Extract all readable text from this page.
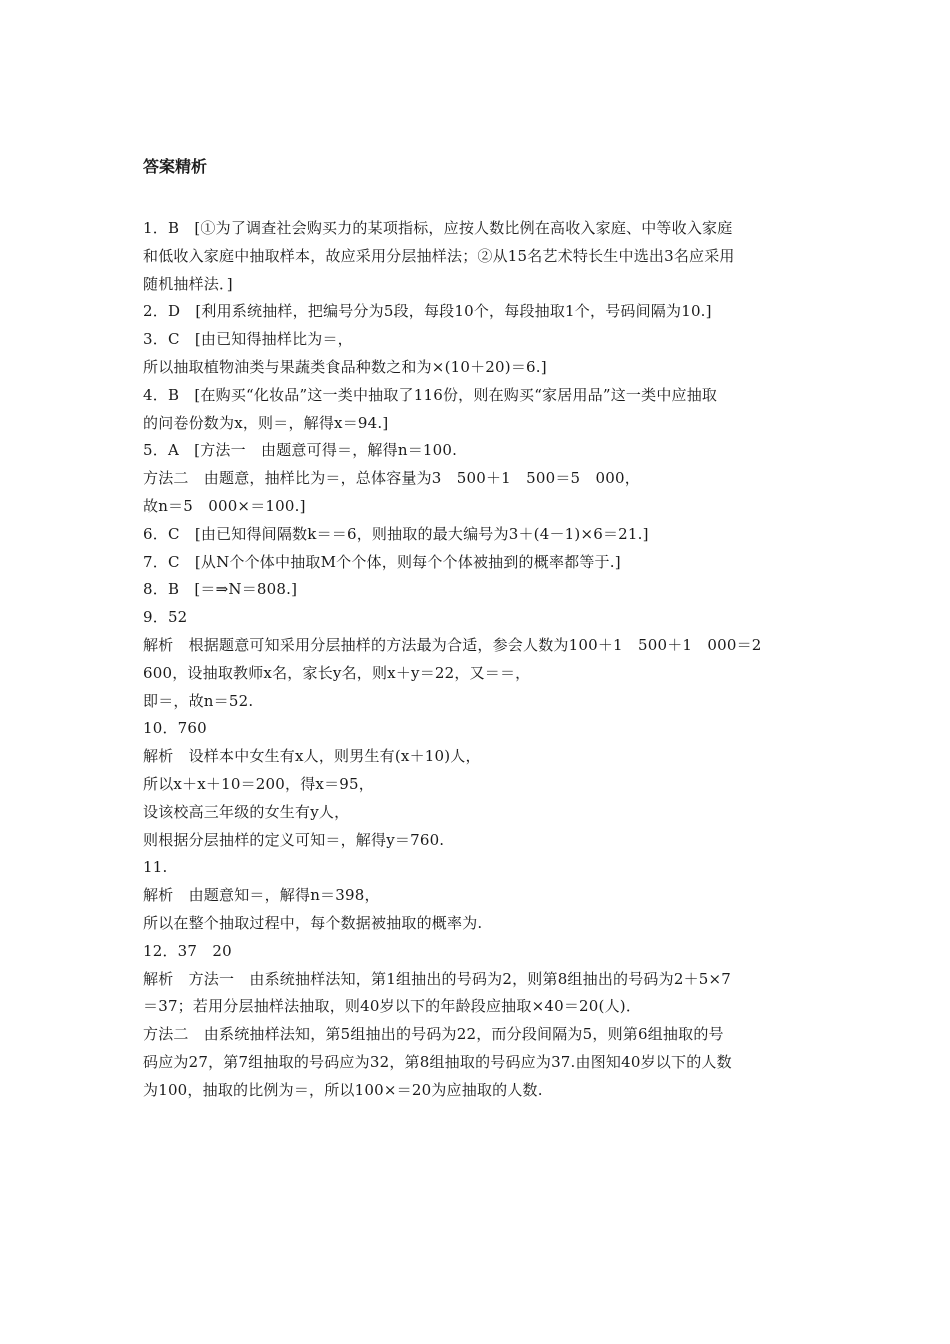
答案精析
1．B　[①为了调查社会购买力的某项指标，应按人数比例在高收入家庭、中等收入家庭
和低收入家庭中抽取样本，故应采用分层抽样法；②从15名艺术特长生中选出3名应采用
随机抽样法．]
2．D　[利用系统抽样，把编号分为5段，每段10个，每段抽取1个，号码间隔为10.]
3．C　[由已知得抽样比为＝，
所以抽取植物油类与果蔬类食品种数之和为×(10＋20)＝6.]
4．B　[在购买“化妆品”这一类中抽取了116份，则在购买“家居用品”这一类中应抽取
的问卷份数为x，则＝，解得x＝94.]
5．A　[方法一　由题意可得＝，解得n＝100.
方法二　由题意，抽样比为＝，总体容量为3　500＋1　500＝5　000，
故n＝5　000×＝100.]
6．C　[由已知得间隔数k＝＝6，则抽取的最大编号为3＋(4－1)×6＝21.]
7．C　[从N个个体中抽取M个个体，则每个个体被抽到的概率都等于.]
8．B　[＝⇒N＝808.]
9．52
解析　根据题意可知采用分层抽样的方法最为合适，参会人数为100＋1　500＋1　000＝2
600，设抽取教师x名，家长y名，则x＋y＝22，又＝＝，
即＝，故n＝52.
10．760
解析　设样本中女生有x人，则男生有(x＋10)人，
所以x＋x＋10＝200，得x＝95，
设该校高三年级的女生有y人，
则根据分层抽样的定义可知＝，解得y＝760.
11.
解析　由题意知＝，解得n＝398，
所以在整个抽取过程中，每个数据被抽取的概率为.
12．37　20
解析　方法一　由系统抽样法知，第1组抽出的号码为2，则第8组抽出的号码为2＋5×7
＝37；若用分层抽样法抽取，则40岁以下的年龄段应抽取×40＝20(人)．
方法二　由系统抽样法知，第5组抽出的号码为22，而分段间隔为5，则第6组抽取的号
码应为27，第7组抽取的号码应为32，第8组抽取的号码应为37.由图知40岁以下的人数
为100，抽取的比例为＝，所以100×＝20为应抽取的人数.
